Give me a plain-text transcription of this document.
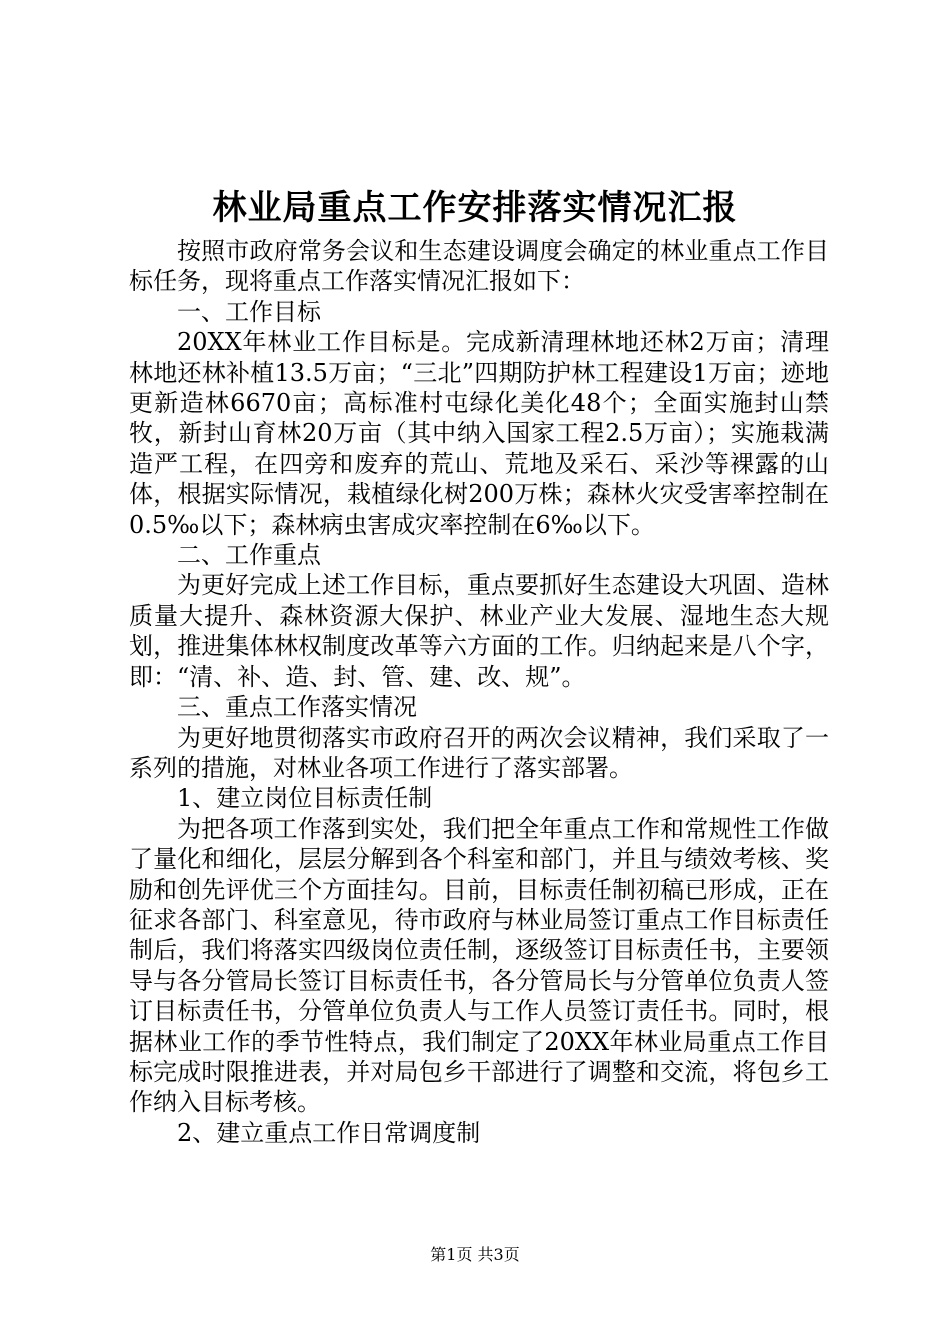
林业局重点工作安排落实情况汇报

按照市政府常务会议和生态建设调度会确定的林业重点工作目标任务，现将重点工作落实情况汇报如下：

一、工作目标

20XX年林业工作目标是。完成新清理林地还林2万亩；清理林地还林补植13.5万亩；“三北”四期防护林工程建设1万亩；迹地更新造林6670亩；高标准村屯绿化美化48个；全面实施封山禁牧，新封山育林20万亩（其中纳入国家工程2.5万亩）；实施栽满造严工程，在四旁和废弃的荒山、荒地及采石、采沙等裸露的山体，根据实际情况，栽植绿化树200万株；森林火灾受害率控制在0.5‰以下；森林病虫害成灾率控制在6‰以下。

二、工作重点

为更好完成上述工作目标，重点要抓好生态建设大巩固、造林质量大提升、森林资源大保护、林业产业大发展、湿地生态大规划，推进集体林权制度改革等六方面的工作。归纳起来是八个字，即：“清、补、造、封、管、建、改、规”。

三、重点工作落实情况

为更好地贯彻落实市政府召开的两次会议精神，我们采取了一系列的措施，对林业各项工作进行了落实部署。

1、建立岗位目标责任制

为把各项工作落到实处，我们把全年重点工作和常规性工作做了量化和细化，层层分解到各个科室和部门，并且与绩效考核、奖励和创先评优三个方面挂勾。目前，目标责任制初稿已形成，正在征求各部门、科室意见，待市政府与林业局签订重点工作目标责任制后，我们将落实四级岗位责任制，逐级签订目标责任书，主要领导与各分管局长签订目标责任书，各分管局长与分管单位负责人签订目标责任书，分管单位负责人与工作人员签订责任书。同时，根据林业工作的季节性特点，我们制定了20XX年林业局重点工作目标完成时限推进表，并对局包乡干部进行了调整和交流，将包乡工作纳入目标考核。

2、建立重点工作日常调度制

第1页 共3页
